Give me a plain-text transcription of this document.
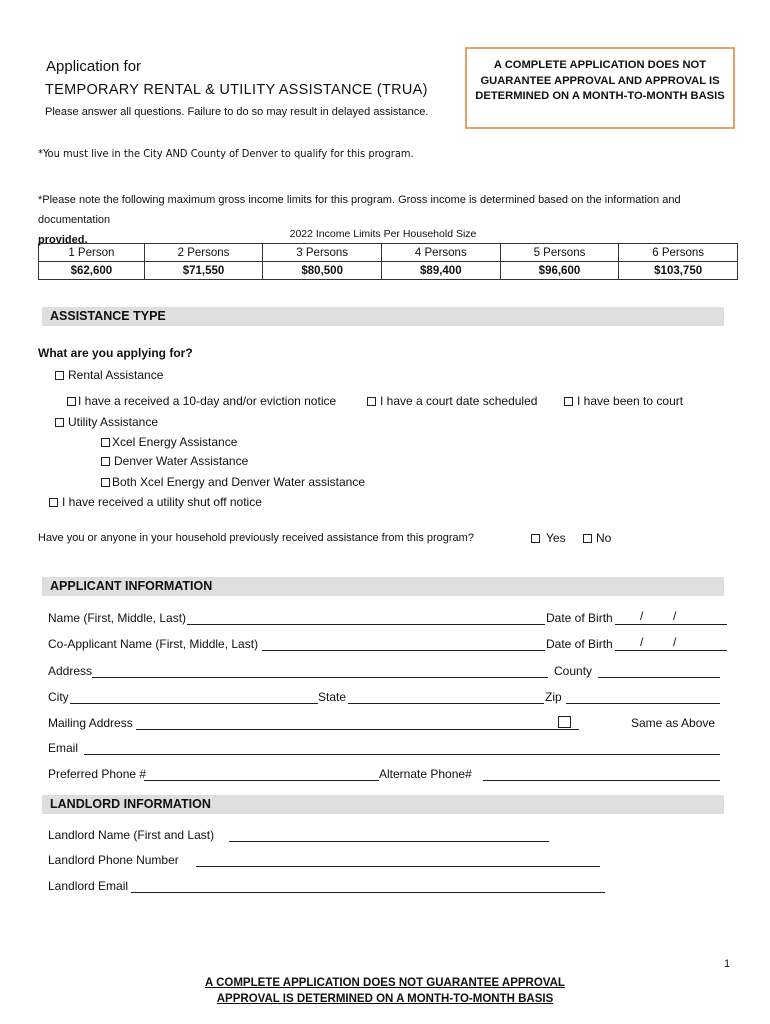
Application for
TEMPORARY RENTAL & UTILITY ASSISTANCE (TRUA)
Please answer all questions. Failure to do so may result in delayed assistance.
A COMPLETE APPLICATION DOES NOT GUARANTEE APPROVAL AND APPROVAL IS DETERMINED ON A MONTH-TO-MONTH BASIS
*You must live in the City AND County of Denver to qualify for this program.
*Please note the following maximum gross income limits for this program. Gross income is determined based on the information and documentation
provided.	2022 Income Limits Per Household Size
1 Person	2 Persons	3 Persons	4 Persons	5 Persons	6 Persons
$62,600	$71,550	$80,500	$89,400	$96,600	$103,750
ASSISTANCE TYPE
What are you applying for?
Rental Assistance
I have a received a 10-day and/or eviction notice	I have a court date scheduled	I have been to court
Utility Assistance
Xcel Energy Assistance
Denver Water Assistance
Both Xcel Energy and Denver Water assistance
I have received a utility shut off notice
Have you or anyone in your household previously received assistance from this program?	Yes	No
APPLICANT INFORMATION
Name (First, Middle, Last)	Date of Birth / /
Co-Applicant Name (First, Middle, Last)	Date of Birth / /
Address	County
City	State	Zip
Mailing Address	Same as Above
Email
Preferred Phone #	Alternate Phone#
LANDLORD INFORMATION
Landlord Name (First and Last)
Landlord Phone Number
Landlord Email
1
A COMPLETE APPLICATION DOES NOT GUARANTEE APPROVAL
APPROVAL IS DETERMINED ON A MONTH-TO-MONTH BASIS
